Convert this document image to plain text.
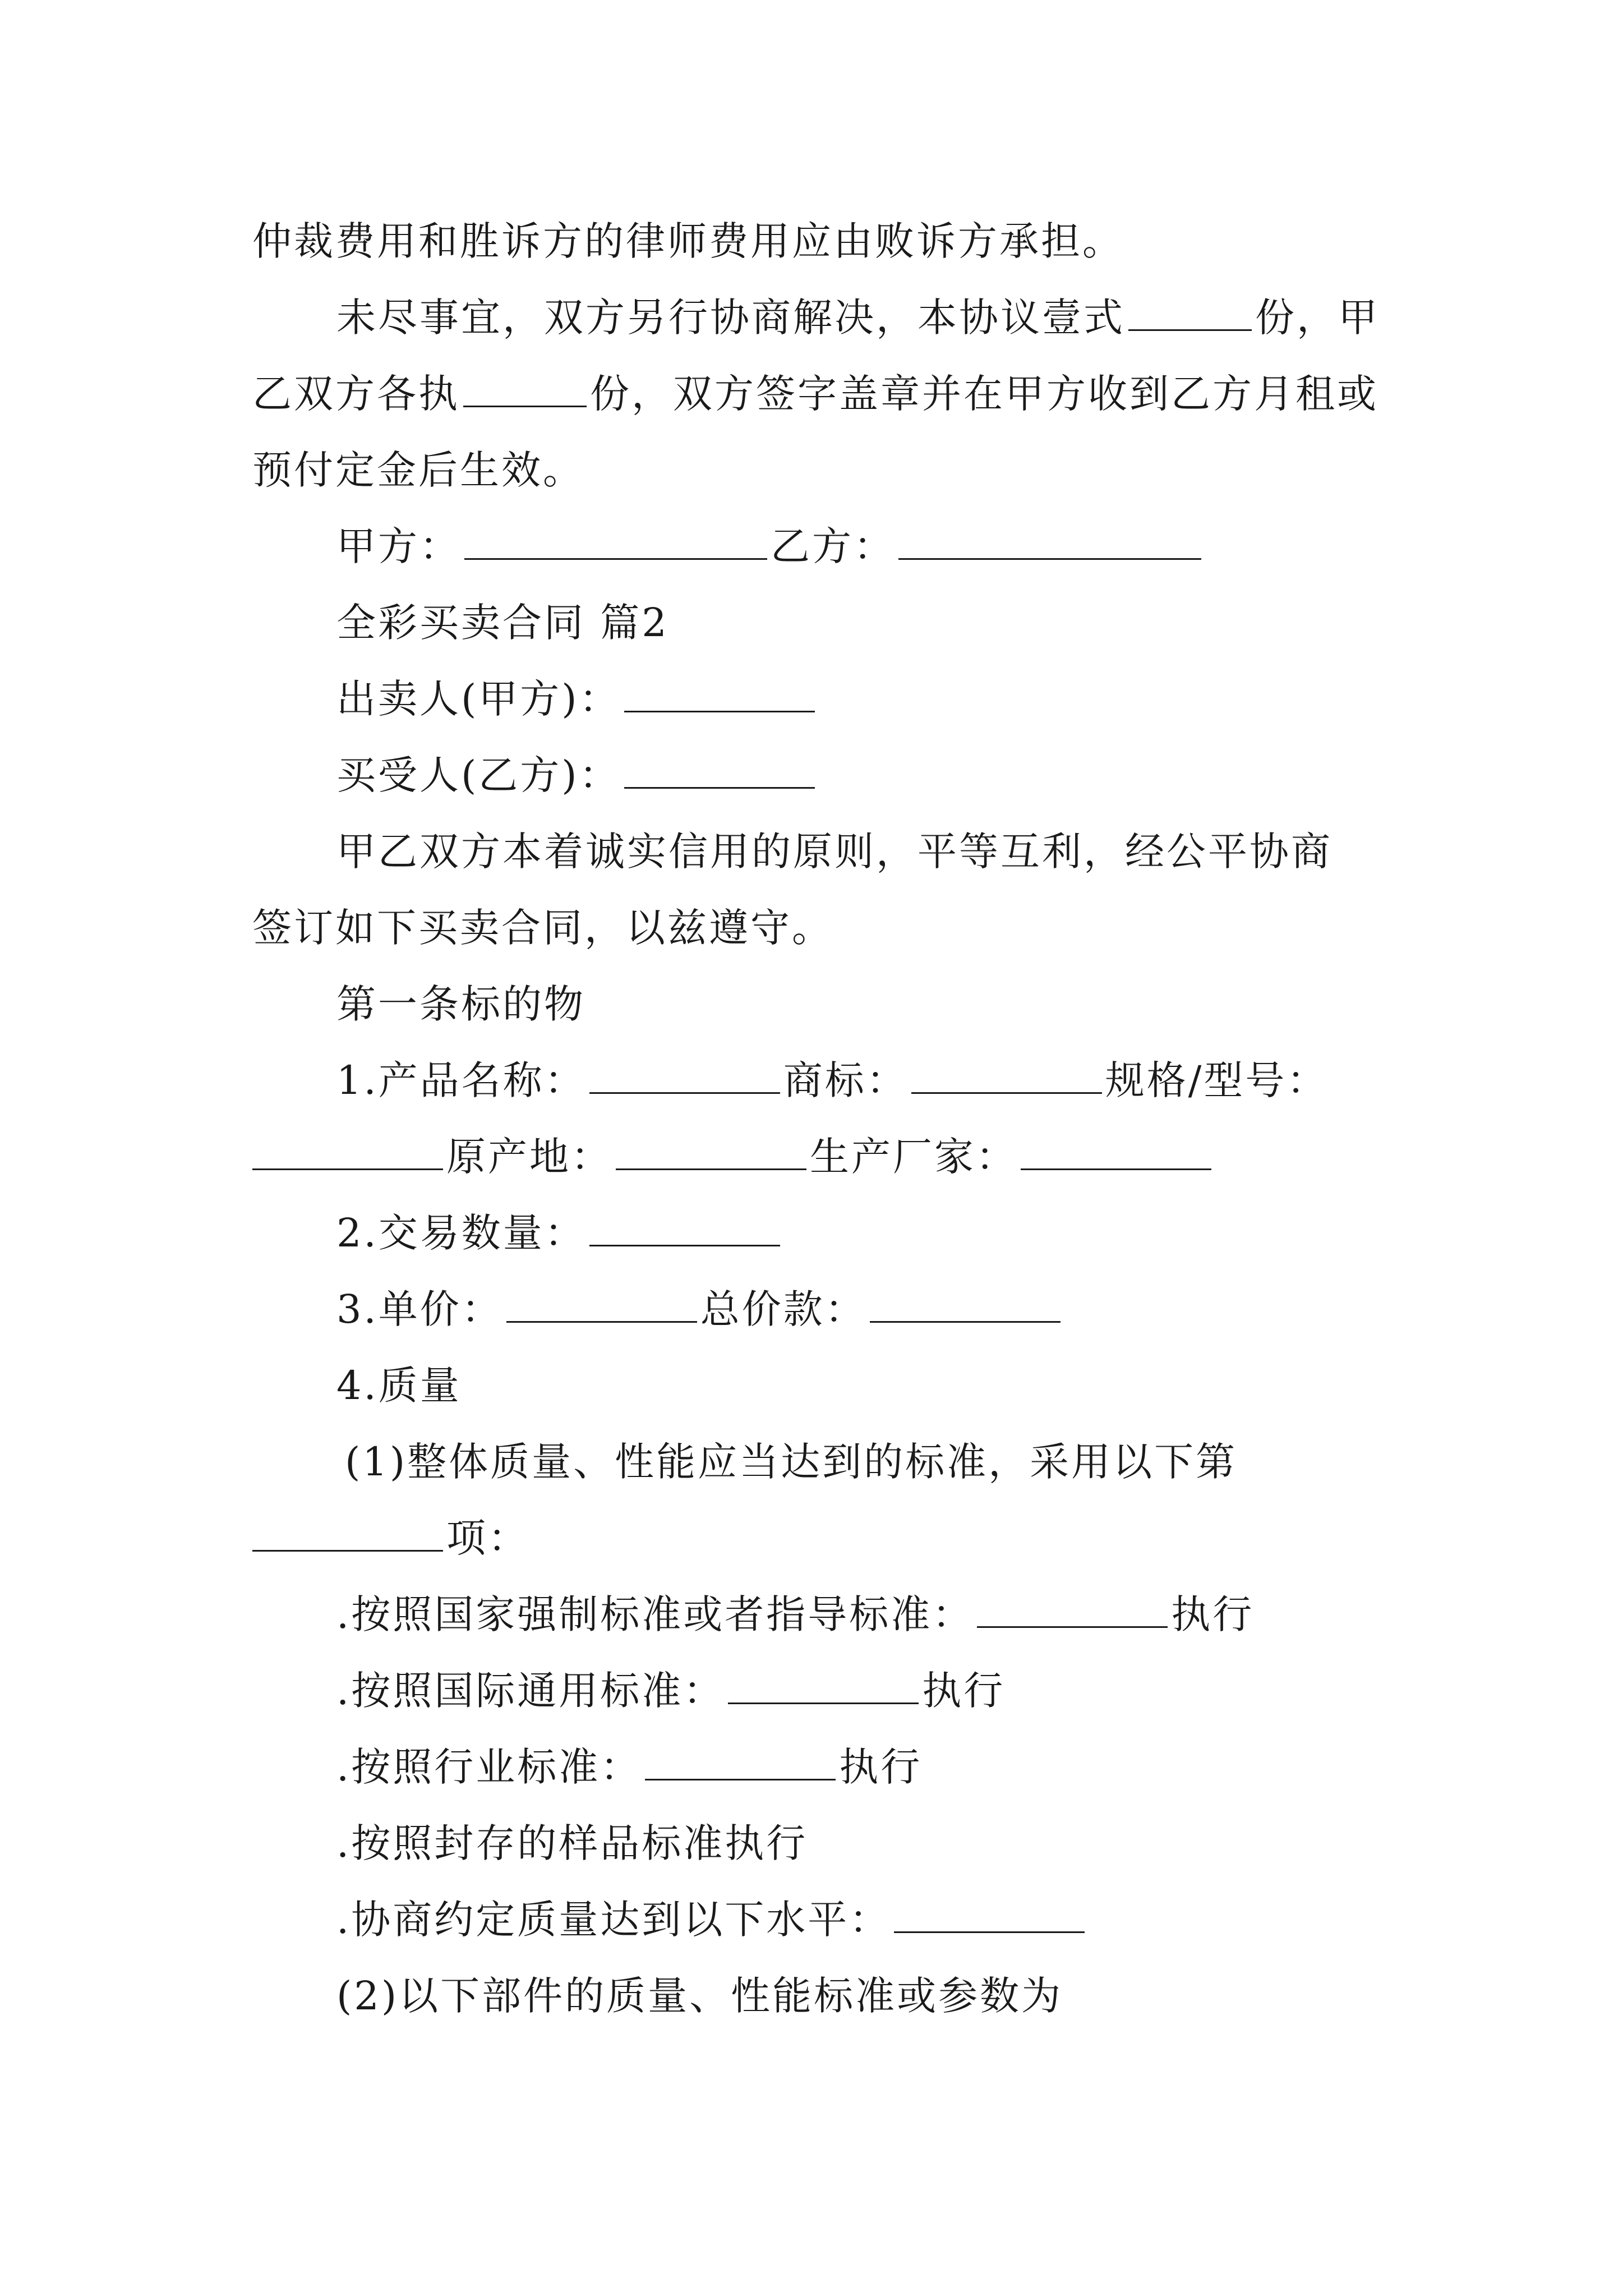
仲裁费用和胜诉方的律师费用应由败诉方承担。
未尽事宜，双方另行协商解决，本协议壹式	份，甲
乙双方各执	份，双方签字盖章并在甲方收到乙方月租或
预付定金后生效。
甲方：	乙方：
全彩买卖合同 篇2
出卖人(甲方)：
买受人(乙方)：
甲乙双方本着诚实信用的原则，平等互利，经公平协商
签订如下买卖合同，以兹遵守。
第一条标的物
1.产品名称：	商标：	规格/型号：
原产地：	生产厂家：
2.交易数量：
3.单价：	总价款：
4.质量
(1)整体质量、性能应当达到的标准，采用以下第
项：
.按照国家强制标准或者指导标准：	执行
.按照国际通用标准：	执行
.按照行业标准：	执行
.按照封存的样品标准执行
.协商约定质量达到以下水平：
(2)以下部件的质量、性能标准或参数为
